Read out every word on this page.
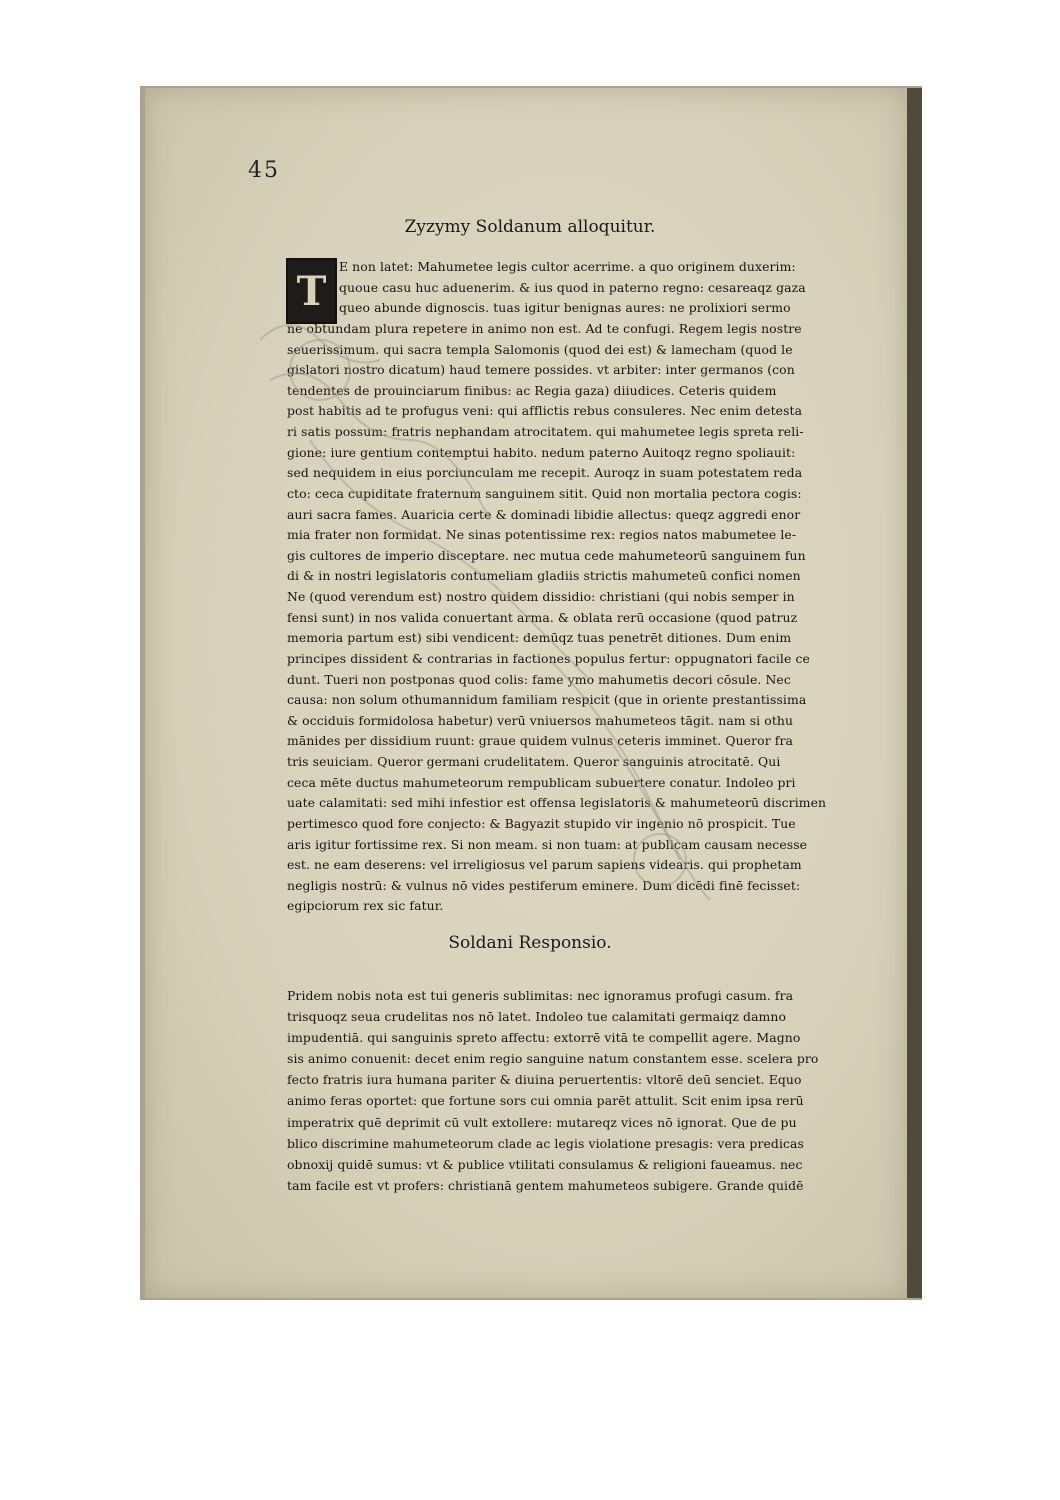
45
Zyzymy Soldanum alloquitur.
T
E non latet: Mahumetee legis cultor acerrime. a quo originem duxerim:
quoue casu huc aduenerim. & ius quod in paterno regno: cesareaqz gaza
queo abunde dignoscis. tuas igitur benignas aures: ne prolixiori sermo
ne obtundam plura repetere in animo non est. Ad te confugi. Regem legis nostre
seuerissimum. qui sacra templa Salomonis (quod dei est) & lamecham (quod le
gislatori nostro dicatum) haud temere possides. vt arbiter: inter germanos (con
tendentes de prouinciarum finibus: ac Regia gaza) diiudices. Ceteris quidem
post habitis ad te profugus veni: qui afflictis rebus consuleres. Nec enim detesta
ri satis possum: fratris nephandam atrocitatem. qui mahumetee legis spreta reli-
gione: iure gentium contemptui habito. nedum paterno Auitoqz regno spoliauit:
sed nequidem in eius porciunculam me recepit. Auroqz in suam potestatem reda
cto: ceca cupiditate fraternum sanguinem sitit. Quid non mortalia pectora cogis:
auri sacra fames. Auaricia certe & dominadi libidie allectus: queqz aggredi enor
mia frater non formidat. Ne sinas potentissime rex: regios natos mabumetee le-
gis cultores de imperio disceptare. nec mutua cede mahumeteorū sanguinem fun
di & in nostri legislatoris contumeliam gladiis strictis mahumeteū confici nomen
Ne (quod verendum est) nostro quidem dissidio: christiani (qui nobis semper in
fensi sunt) in nos valida conuertant arma. & oblata rerū occasione (quod patruz
memoria partum est) sibi vendicent: demūqz tuas penetrēt ditiones. Dum enim
principes dissident & contrarias in factiones populus fertur: oppugnatori facile ce
dunt. Tueri non postponas quod colis: fame ymo mahumetis decori cōsule. Nec
causa: non solum othumannidum familiam respicit (que in oriente prestantissima
& occiduis formidolosa habetur) verū vniuersos mahumeteos tāgit. nam si othu
mānides per dissidium ruunt: graue quidem vulnus ceteris imminet. Queror fra
tris seuiciam. Queror germani crudelitatem. Queror sanguinis atrocitatē. Qui
ceca mēte ductus mahumeteorum rempublicam subuertere conatur. Indoleo pri
uate calamitati: sed mihi infestior est offensa legislatoris & mahumeteorū discrimen
pertimesco quod fore conjecto: & Bagyazit stupido vir ingenio nō prospicit. Tue
aris igitur fortissime rex. Si non meam. si non tuam: at publicam causam necesse
est. ne eam deserens: vel irreligiosus vel parum sapiens videaris. qui prophetam
negligis nostrū: & vulnus nō vides pestiferum eminere. Dum dicēdi finē fecisset:
egipciorum rex sic fatur.
Soldani Responsio.
Pridem nobis nota est tui generis sublimitas: nec ignoramus profugi casum. fra
trisquoqz seua crudelitas nos nō latet. Indoleo tue calamitati germaiqz damno
impudentiā. qui sanguinis spreto affectu: extorrē vitā te compellit agere. Magno
sis animo conuenit: decet enim regio sanguine natum constantem esse. scelera pro
fecto fratris iura humana pariter & diuina peruertentis: vltorē deū senciet. Equo
animo feras oportet: que fortune sors cui omnia parēt attulit. Scit enim ipsa rerū
imperatrix quē deprimit cū vult extollere: mutareqz vices nō ignorat. Que de pu
blico discrimine mahumeteorum clade ac legis violatione presagis: vera predicas
obnoxij quidē sumus: vt & publice vtilitati consulamus & religioni faueamus. nec
tam facile est vt profers: christianā gentem mahumeteos subigere. Grande quidē
